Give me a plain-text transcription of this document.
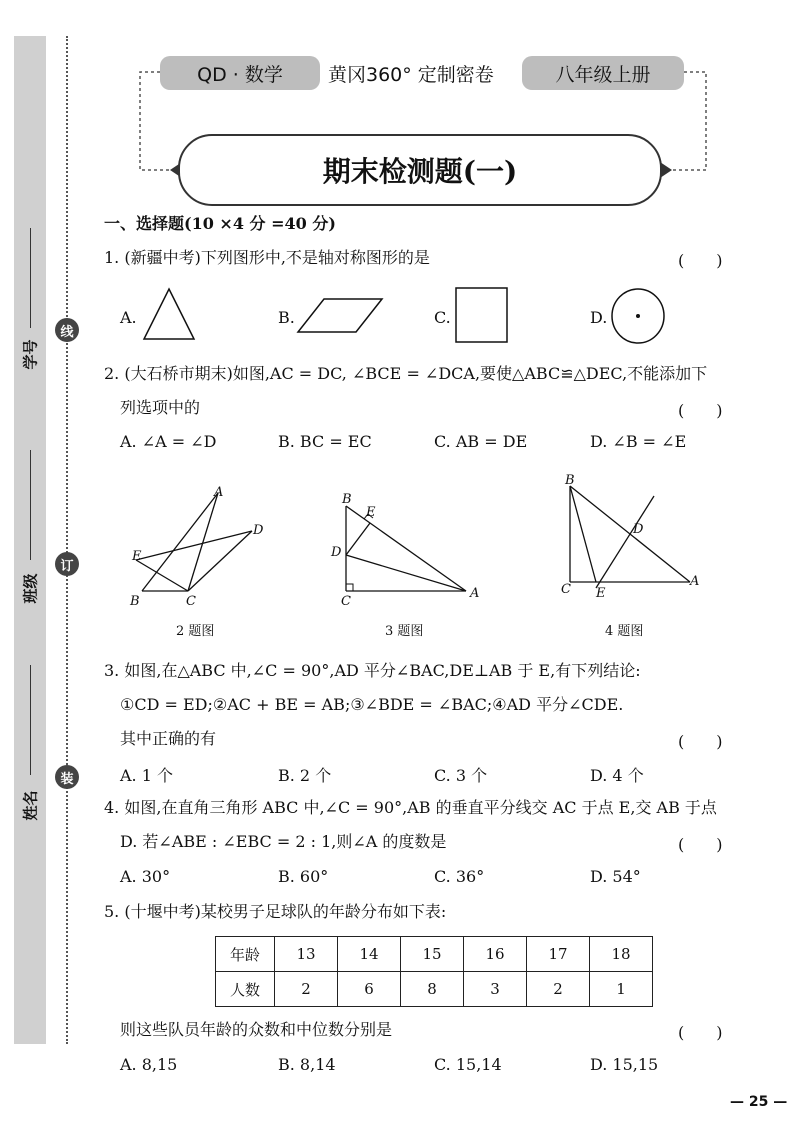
线
订
装
学号
班级
姓名
QD · 数学	黄冈360° 定制密卷	八年级上册
期末检测题(一)
一、选择题(10 ×4 分 =40 分)
1. (新疆中考)下列图形中,不是轴对称图形的是	(　　)
A.	B.	C.	D.
2. (大石桥市期末)如图,AC = DC, ∠BCE = ∠DCA,要使△ABC≌△DEC,不能添加下
列选项中的	(　　)
A. ∠A = ∠D	B. BC = EC	C. AB = DE	D. ∠B = ∠E
A
D
E
B	C
2 题图
B
E
D
C
A
3 题图
B
D
C E
A
4 题图
3. 如图,在△ABC 中,∠C = 90°,AD 平分∠BAC,DE⊥AB 于 E,有下列结论:
①CD = ED;②AC + BE = AB;③∠BDE = ∠BAC;④AD 平分∠CDE.
其中正确的有	(　　)
A. 1 个	B. 2 个	C. 3 个	D. 4 个
4. 如图,在直角三角形 ABC 中,∠C = 90°,AB 的垂直平分线交 AC 于点 E,交 AB 于点
D. 若∠ABE : ∠EBC = 2 : 1,则∠A 的度数是	(　　)
A. 30°	B. 60°	C. 36°	D. 54°
5. (十堰中考)某校男子足球队的年龄分布如下表:
年龄	13	14	15	16	17	18
人数	2	6	8	3	2	1
则这些队员年龄的众数和中位数分别是	(　　)
A. 8,15	B. 8,14	C. 15,14	D. 15,15
— 25 —
